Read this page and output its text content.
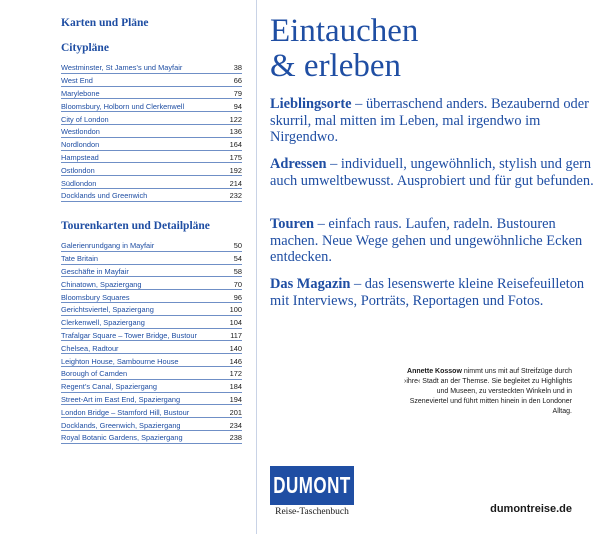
Karten und Pläne
Citypläne
Westminster, St James’s und Mayfair	38
West End	66
Marylebone	79
Bloomsbury, Holborn und Clerkenwell	94
City of London	122
Westlondon	136
Nordlondon	164
Hampstead	175
Ostlondon	192
Südlondon	214
Docklands und Greenwich	232
Tourenkarten und Detailpläne
Galerienrundgang in Mayfair	50
Tate Britain	54
Geschäfte in Mayfair	58
Chinatown, Spaziergang	70
Bloomsbury Squares	96
Gerichtsviertel, Spaziergang	100
Clerkenwell, Spaziergang	104
Trafalgar Square – Tower Bridge, Bustour	117
Chelsea, Radtour	140
Leighton House, Sambourne House	146
Borough of Camden	172
Regent’s Canal, Spaziergang	184
Street-Art im East End, Spaziergang	194
London Bridge – Stamford Hill, Bustour	201
Docklands, Greenwich, Spaziergang	234
Royal Botanic Gardens, Spaziergang	238
Eintauchen
& erleben

Lieblingsorte – überraschend anders. Bezaubernd oder skurril, mal mitten im Leben, mal irgendwo im Nirgendwo.

Adressen – individuell, ungewöhnlich, stylish und gern auch umweltbewusst. Ausprobiert und für gut befunden.

Touren – einfach raus. Laufen, radeln. Bustouren machen. Neue Wege gehen und ungewöhnliche Ecken entdecken.

Das Magazin – das lesenswerte kleine Reisefeuilleton mit Interviews, Porträts, Reportagen und Fotos.

Annette Kossow nimmt uns mit auf Streifzüge durch ›ihre‹ Stadt an der Themse. Sie begleitet zu Highlights und Museen, zu versteckten Winkeln und in Szeneviertel und führt mitten hinein in den Londoner Alltag.

DUMONT
Reise-Taschenbuch	dumontreise.de
